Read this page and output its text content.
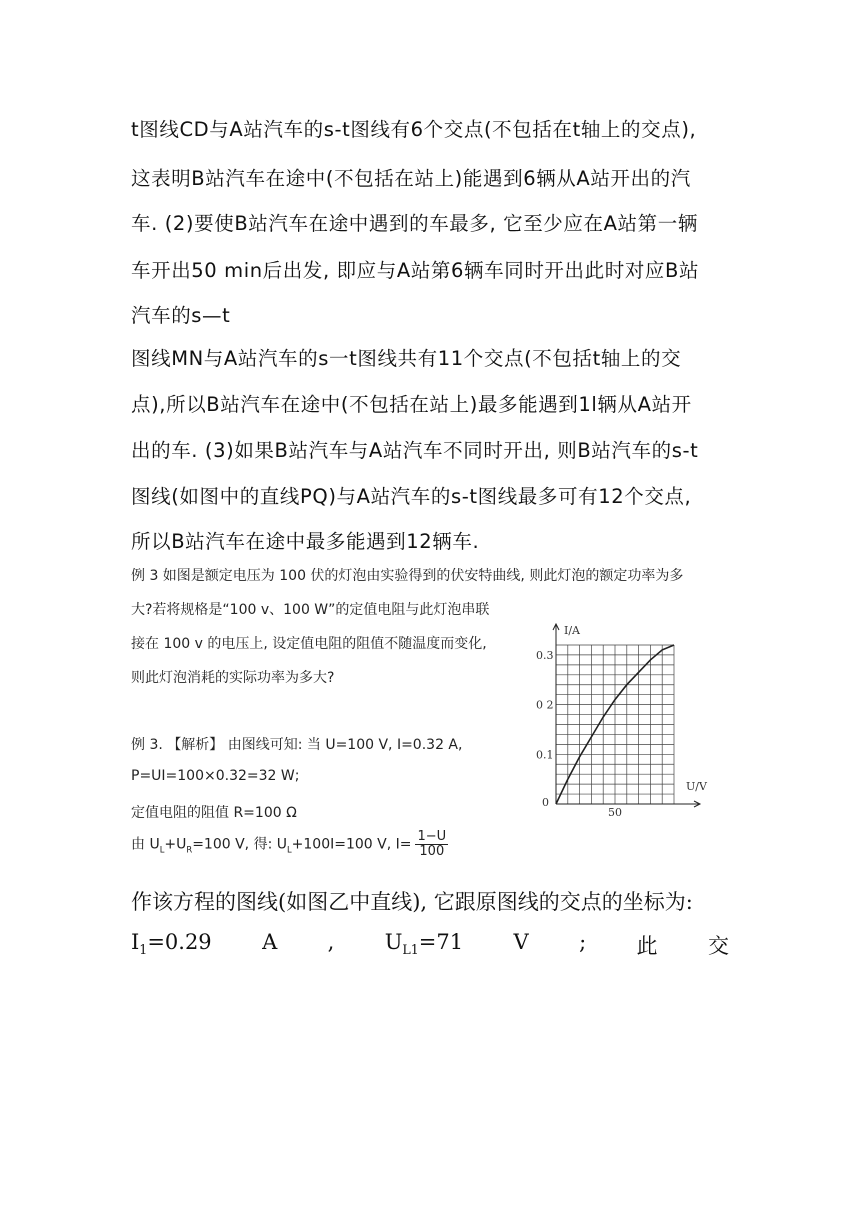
t图线CD与A站汽车的s-t图线有6个交点(不包括在t轴上的交点),
这表明B站汽车在途中(不包括在站上)能遇到6辆从A站开出的汽
车. (2)要使B站汽车在途中遇到的车最多, 它至少应在A站第一辆
车开出50 min后出发, 即应与A站第6辆车同时开出此时对应B站
汽车的s—t
图线MN与A站汽车的s一t图线共有11个交点(不包括t轴上的交
点),所以B站汽车在途中(不包括在站上)最多能遇到1l辆从A站开
出的车. (3)如果B站汽车与A站汽车不同时开出, 则B站汽车的s-t
图线(如图中的直线PQ)与A站汽车的s-t图线最多可有12个交点,
所以B站汽车在途中最多能遇到12辆车.
例 3 如图是额定电压为 100 伏的灯泡由实验得到的伏安特曲线, 则此灯泡的额定功率为多
大?若将规格是“100 v、100 W”的定值电阻与此灯泡串联
接在 100 v 的电压上, 设定值电阻的阻值不随温度而变化,
则此灯泡消耗的实际功率为多大?
例 3. 【解析】 由图线可知: 当 U=100 V, I=0.32 A,
P=UI=100×0.32=32 W;
定值电阻的阻值 R=100 Ω
由 $U_L+U_R=100$ V, 得: $U_L+100I=100$ V, $I= \frac{1-U}{100}$
0
50
0.1
0 2
0.3
I/A
U/V
作该方程的图线(如图乙中直线), 它跟原图线的交点的坐标为:
$I_1=0.29$ A , $U_{L1}=71$ V ; 此 交
